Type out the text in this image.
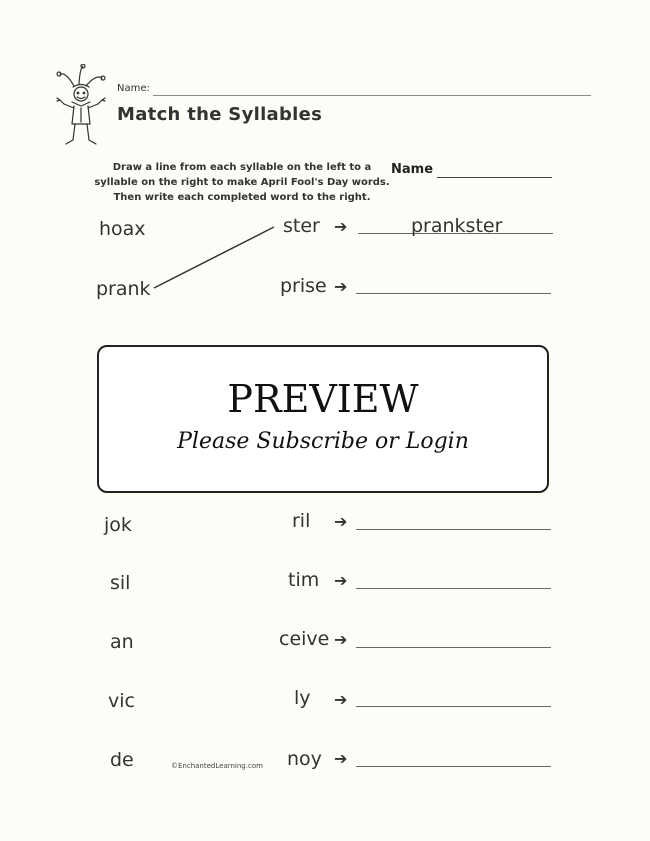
Name:
Match the Syllables
Draw a line from each syllable on the left to a syllable on the right to make April Fool's Day words. Then write each completed word to the right.
Name
hoax
prank
jok
sil
an
vic
de
ster
prise
ril
tim
ceive
ly
noy
➔
➔
➔
➔
➔
➔
➔
prankster
©EnchantedLearning.com
PREVIEW
Please Subscribe or Login
